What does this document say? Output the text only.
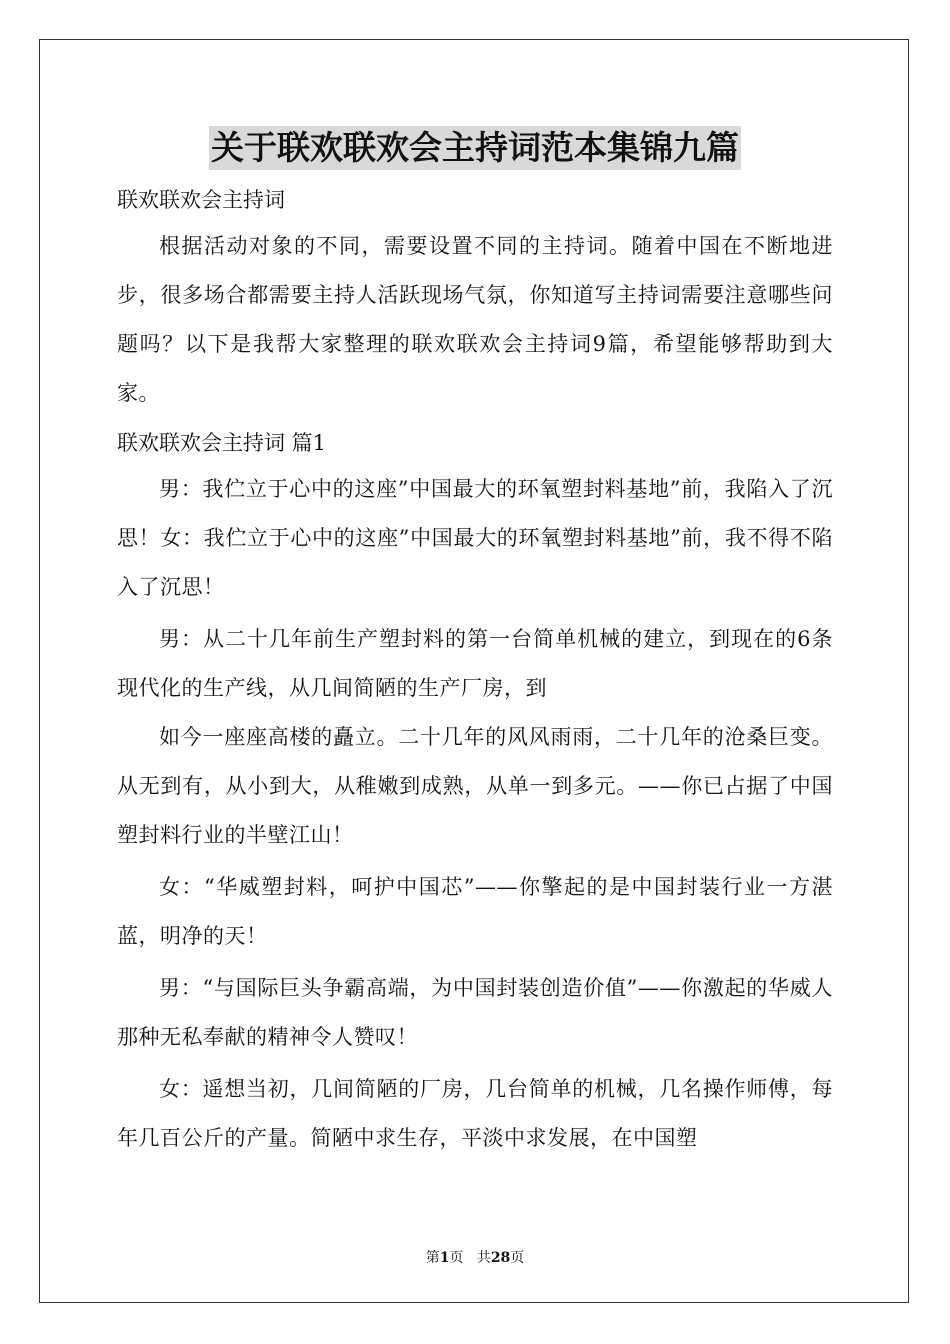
关于联欢联欢会主持词范本集锦九篇
联欢联欢会主持词

根据活动对象的不同，需要设置不同的主持词。随着中国在不断地进步，很多场合都需要主持人活跃现场气氛，你知道写主持词需要注意哪些问题吗？以下是我帮大家整理的联欢联欢会主持词9篇，希望能够帮助到大家。

联欢联欢会主持词 篇1

男：我伫立于心中的这座”中国最大的环氧塑封料基地”前，我陷入了沉思！女：我伫立于心中的这座”中国最大的环氧塑封料基地”前，我不得不陷入了沉思！

男：从二十几年前生产塑封料的第一台简单机械的建立，到现在的6条现代化的生产线，从几间简陋的生产厂房，到

如今一座座高楼的矗立。二十几年的风风雨雨，二十几年的沧桑巨变。从无到有，从小到大，从稚嫩到成熟，从单一到多元。——你已占据了中国塑封料行业的半壁江山！

女：“华威塑封料，呵护中国芯”——你擎起的是中国封装行业一方湛蓝，明净的天！

男：“与国际巨头争霸高端，为中国封装创造价值”——你激起的华威人那种无私奉献的精神令人赞叹！

女：遥想当初，几间简陋的厂房，几台简单的机械，几名操作师傅，每年几百公斤的产量。简陋中求生存，平淡中求发展，在中国塑

第1页 共28页
